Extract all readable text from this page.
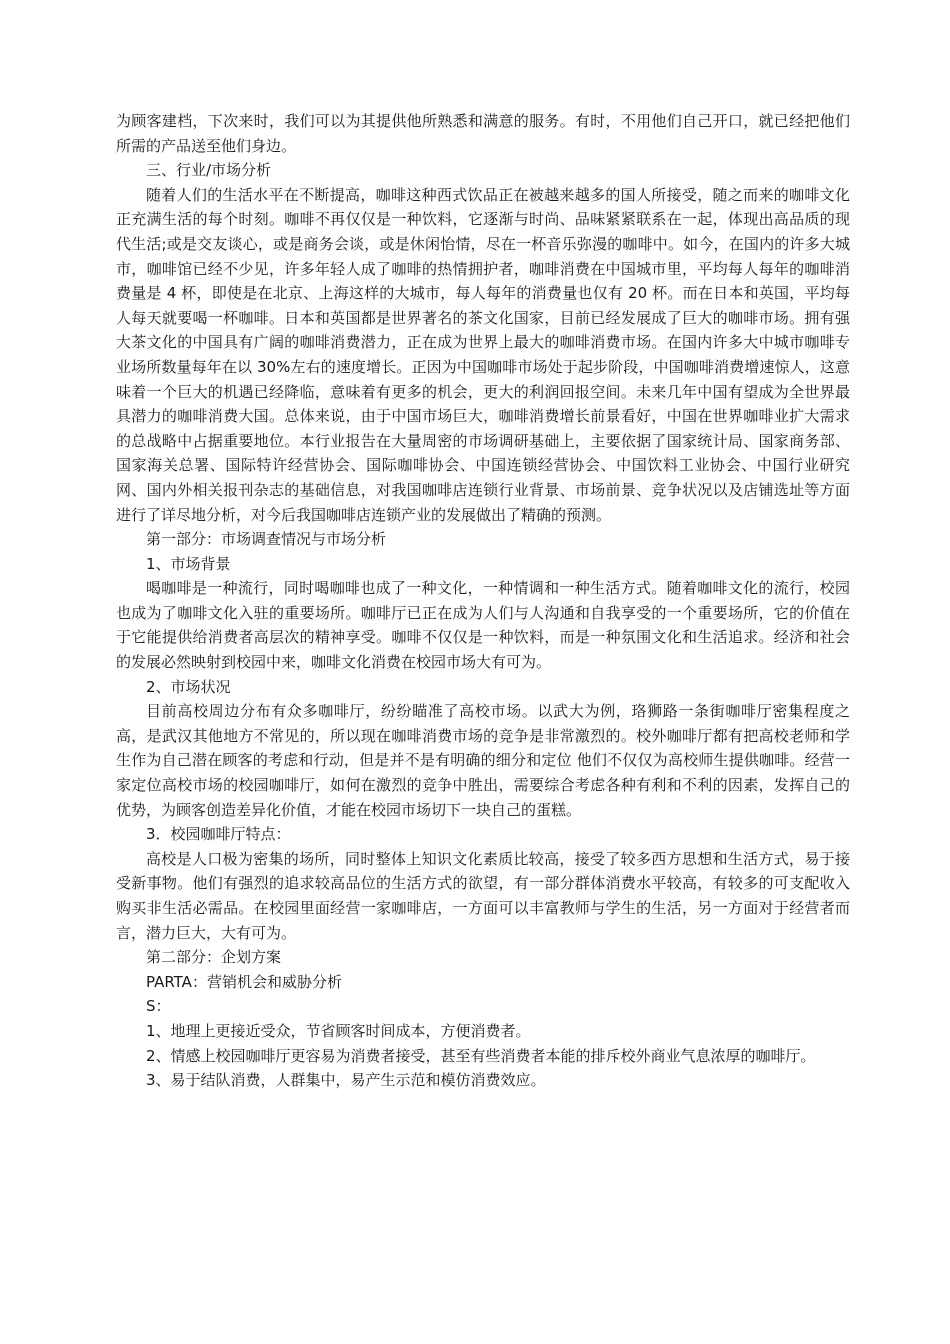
为顾客建档，下次来时，我们可以为其提供他所熟悉和满意的服务。有时，不用他们自己开口，就已经把他们所需的产品送至他们身边。

三、行业/市场分析

随着人们的生活水平在不断提高，咖啡这种西式饮品正在被越来越多的国人所接受，随之而来的咖啡文化正充满生活的每个时刻。咖啡不再仅仅是一种饮料，它逐渐与时尚、品味紧紧联系在一起，体现出高品质的现代生活;或是交友谈心，或是商务会谈，或是休闲怡情，尽在一杯音乐弥漫的咖啡中。如今，在国内的许多大城市，咖啡馆已经不少见，许多年轻人成了咖啡的热情拥护者，咖啡消费在中国城市里，平均每人每年的咖啡消费量是 4 杯，即使是在北京、上海这样的大城市，每人每年的消费量也仅有 20 杯。而在日本和英国，平均每人每天就要喝一杯咖啡。日本和英国都是世界著名的茶文化国家，目前已经发展成了巨大的咖啡市场。拥有强大茶文化的中国具有广阔的咖啡消费潜力，正在成为世界上最大的咖啡消费市场。在国内许多大中城市咖啡专业场所数量每年在以 30%左右的速度增长。正因为中国咖啡市场处于起步阶段，中国咖啡消费增速惊人，这意味着一个巨大的机遇已经降临，意味着有更多的机会，更大的利润回报空间。未来几年中国有望成为全世界最具潜力的咖啡消费大国。总体来说，由于中国市场巨大，咖啡消费增长前景看好，中国在世界咖啡业扩大需求的总战略中占据重要地位。本行业报告在大量周密的市场调研基础上，主要依据了国家统计局、国家商务部、国家海关总署、国际特许经营协会、国际咖啡协会、中国连锁经营协会、中国饮料工业协会、中国行业研究网、国内外相关报刊杂志的基础信息，对我国咖啡店连锁行业背景、市场前景、竞争状况以及店铺选址等方面进行了详尽地分析，对今后我国咖啡店连锁产业的发展做出了精确的预测。

第一部分：市场调查情况与市场分析

1、市场背景

喝咖啡是一种流行，同时喝咖啡也成了一种文化，一种情调和一种生活方式。随着咖啡文化的流行，校园也成为了咖啡文化入驻的重要场所。咖啡厅已正在成为人们与人沟通和自我享受的一个重要场所，它的价值在于它能提供给消费者高层次的精神享受。咖啡不仅仅是一种饮料，而是一种氛围文化和生活追求。经济和社会的发展必然映射到校园中来，咖啡文化消费在校园市场大有可为。

2、市场状况

目前高校周边分布有众多咖啡厅，纷纷瞄准了高校市场。以武大为例，珞狮路一条街咖啡厅密集程度之高，是武汉其他地方不常见的，所以现在咖啡消费市场的竞争是非常激烈的。校外咖啡厅都有把高校老师和学生作为自己潜在顾客的考虑和行动，但是并不是有明确的细分和定位 他们不仅仅为高校师生提供咖啡。经营一家定位高校市场的校园咖啡厅，如何在激烈的竞争中胜出，需要综合考虑各种有利和不利的因素，发挥自己的优势，为顾客创造差异化价值，才能在校园市场切下一块自己的蛋糕。

3．校园咖啡厅特点：

高校是人口极为密集的场所，同时整体上知识文化素质比较高，接受了较多西方思想和生活方式，易于接受新事物。他们有强烈的追求较高品位的生活方式的欲望，有一部分群体消费水平较高，有较多的可支配收入购买非生活必需品。在校园里面经营一家咖啡店，一方面可以丰富教师与学生的生活，另一方面对于经营者而言，潜力巨大，大有可为。

第二部分：企划方案

PARTA：营销机会和威胁分析

S：

1、地理上更接近受众，节省顾客时间成本，方便消费者。

2、情感上校园咖啡厅更容易为消费者接受，甚至有些消费者本能的排斥校外商业气息浓厚的咖啡厅。

3、易于结队消费，人群集中，易产生示范和模仿消费效应。
